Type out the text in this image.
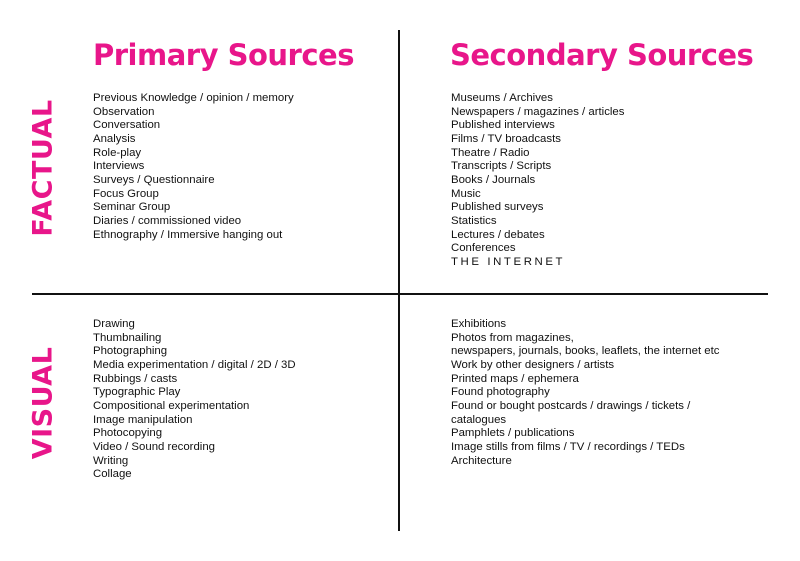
Primary Sources	Secondary Sources
FACTUAL
VISUAL
Previous Knowledge / opinion / memory
Observation
Conversation
Analysis
Role-play
Interviews
Surveys / Questionnaire
Focus Group
Seminar Group
Diaries / commissioned video
Ethnography / Immersive hanging out
Museums / Archives
Newspapers / magazines / articles
Published interviews
Films / TV broadcasts
Theatre / Radio
Transcripts / Scripts
Books / Journals
Music
Published surveys
Statistics
Lectures / debates
Conferences
THE INTERNET
Drawing
Thumbnailing
Photographing
Media experimentation / digital / 2D / 3D
Rubbings / casts
Typographic Play
Compositional experimentation
Image manipulation
Photocopying
Video / Sound recording
Writing
Collage
Exhibitions
Photos from magazines,
newspapers, journals, books, leaflets, the internet etc
Work by other designers / artists
Printed maps / ephemera
Found photography
Found or bought postcards / drawings / tickets /
catalogues
Pamphlets / publications
Image stills from films / TV / recordings / TEDs
Architecture
